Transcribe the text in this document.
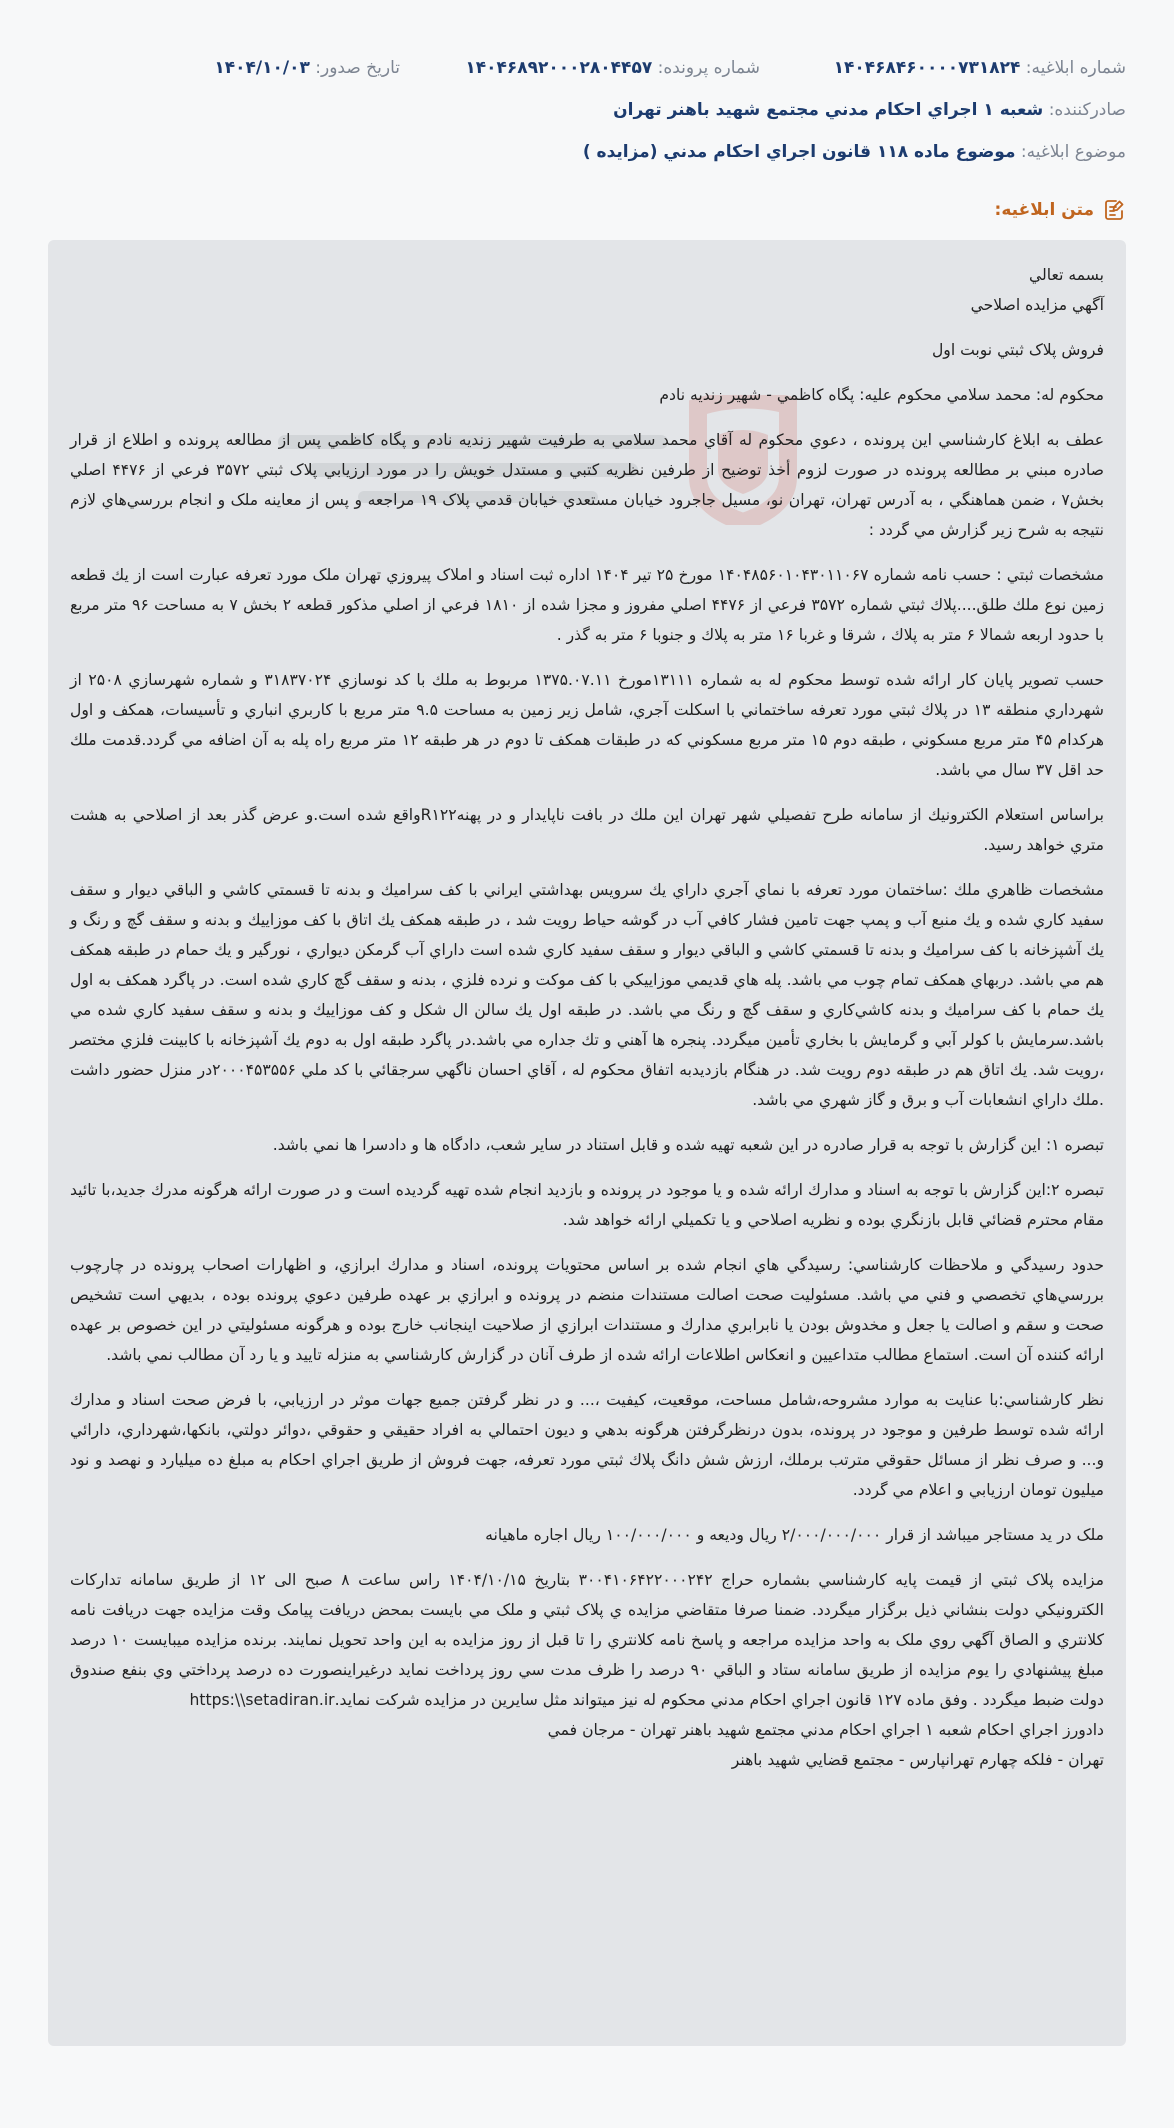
شماره ابلاغيه: ۱۴۰۴۶۸۴۶۰۰۰۰۷۳۱۸۲۴
شماره پرونده: ۱۴۰۴۶۸۹۲۰۰۰۲۸۰۴۴۵۷
تاريخ صدور: ۱۴۰۴/۱۰/۰۳
صادرکننده: شعبه ۱ اجراي احكام مدني مجتمع شهيد باهنر تهران
موضوع ابلاغيه: موضوع ماده ۱۱۸ قانون اجراي احکام مدني (مزايده )
متن ابلاغيه:

بسمه تعالي

آگهي مزايده اصلاحي

فروش پلاک ثبتي نوبت اول

محکوم له: محمد سلامي محکوم عليه: پگاه کاظمي - شهير زنديه نادم

عطف به ابلاغ کارشناسي اين پرونده ، دعوي محکوم له آقاي محمد سلامي به طرفيت شهير زنديه نادم و پگاه کاظمي پس از مطالعه پرونده و اطلاع از قرار صادره مبني بر مطالعه پرونده در صورت لزوم أخذ توضيح از طرفين نظريه کتبي و مستدل خويش را در مورد ارزيابي پلاک ثبتي ۳۵۷۲ فرعي از ۴۴۷۶ اصلي بخش۷ ، ضمن هماهنگي ، به آدرس تهران، تهران نو، مسيل جاجرود خيابان مستعدي خيابان قدمي پلاک ۱۹ مراجعه و پس از معاينه ملک و انجام بررسي‌هاي لازم نتيجه به شرح زير گزارش مي گردد :

مشخصات ثبتي : حسب نامه شماره ۱۴۰۴۸۵۶۰۱۰۴۳۰۱۱۰۶۷ مورخ ۲۵ تير ۱۴۰۴ اداره ثبت اسناد و املاک پيروزي تهران ملک مورد تعرفه عبارت است از يك قطعه زمين نوع ملك طلق....پلاك ثبتي شماره ۳۵۷۲ فرعي از ۴۴۷۶ اصلي مفروز و مجزا شده از ۱۸۱۰ فرعي از اصلي مذكور قطعه ۲ بخش ۷ به مساحت ۹۶ متر مربع با حدود اربعه شمالا ۶ متر به پلاك ، شرقا و غربا ۱۶ متر به پلاك و جنوبا ۶ متر به گذر .

حسب تصوير پايان كار ارائه شده توسط محكوم له به شماره ۱۳۱۱۱مورخ ۱۳۷۵.۰۷.۱۱ مربوط به ملك با كد نوسازي ۳۱۸۳۷۰۲۴ و شماره شهرسازي ۲۵۰۸ از شهرداري منطقه ۱۳ در پلاك ثبتي مورد تعرفه ساختماني با اسكلت آجري، شامل زير زمين به مساحت ۹.۵ متر مربع با كاربري انباري و تأسيسات، همكف و اول هركدام ۴۵ متر مربع مسكوني ، طبقه دوم ۱۵ متر مربع مسكوني كه در طبقات همكف تا دوم در هر طبقه ۱۲ متر مربع راه پله به آن اضافه مي گردد.قدمت ملك حد اقل ۳۷ سال مي باشد.

براساس استعلام الكترونيك از سامانه طرح تفصيلي شهر تهران اين ملك در بافت ناپايدار و در پهنهR۱۲۲واقع شده است.و عرض گذر بعد از اصلاحي به هشت متري خواهد رسيد.

مشخصات ظاهري ملك :ساختمان مورد تعرفه با نماي آجري داراي يك سرويس بهداشتي ايراني با كف سراميك و بدنه تا قسمتي كاشي و الباقي ديوار و سقف سفيد كاري شده و يك منبع آب و پمپ جهت تامين فشار كافي آب در گوشه حياط رويت شد ، در طبقه همكف يك اتاق با كف موزاييك و بدنه و سقف گچ و رنگ و يك آشپزخانه با كف سراميك و بدنه تا قسمتي كاشي و الباقي ديوار و سقف سفيد كاري شده است داراي آب گرمكن ديواري ، نورگير و يك حمام در طبقه همكف هم مي باشد. دربهاي همكف تمام چوب مي باشد. پله هاي قديمي موزاييكي با كف موكت و نرده فلزي ، بدنه و سقف گچ كاري شده است. در پاگرد همكف به اول يك حمام با كف سراميك و بدنه كاشي‌كاري و سقف گچ و رنگ مي باشد. در طبقه اول يك سالن ال شكل و كف موزاييك و بدنه و سقف سفيد كاري شده مي باشد.سرمايش با كولر آبي و گرمايش با بخاري تأمين ميگردد. پنجره ها آهني و تك جداره مي باشد.در پاگرد طبقه اول به دوم يك آشپزخانه با كابينت فلزي مختصر ،رويت شد. يك اتاق هم در طبقه دوم رويت شد. در هنگام بازديدبه اتفاق محكوم له ، آقاي احسان ناگهي سرجقائي با كد ملي ۲۰۰۰۴۵۳۵۵۶در منزل حضور داشت .ملك داراي انشعابات آب و برق و گاز شهري مي باشد.

تبصره ۱: اين گزارش با توجه به قرار صادره در اين شعبه تهيه شده و قابل استناد در ساير شعب، دادگاه ها و دادسرا ها نمي باشد.

تبصره ۲:اين گزارش با توجه به اسناد و مدارك ارائه شده و يا موجود در پرونده و بازديد انجام شده تهيه گرديده است و در صورت ارائه هرگونه مدرك جديد،با تائيد مقام محترم قضائي قابل بازنگري بوده و نظريه اصلاحي و يا تكميلي ارائه خواهد شد.

حدود رسيدگي و ملاحظات كارشناسي: رسيدگي هاي انجام شده بر اساس محتويات پرونده، اسناد و مدارك ابرازي، و اظهارات اصحاب پرونده در چارچوب بررسي‌هاي تخصصي و فني مي باشد. مسئوليت صحت اصالت مستندات منضم در پرونده و ابرازي بر عهده طرفين دعوي پرونده بوده ، بديهي است تشخيص صحت و سقم و اصالت يا جعل و مخدوش بودن يا نابرابري مدارك و مستندات ابرازي از صلاحيت اينجانب خارج بوده و هرگونه مسئوليتي در اين خصوص بر عهده ارائه كننده آن است. استماع مطالب متداعيين و انعكاس اطلاعات ارائه شده از طرف آنان در گزارش كارشناسي به منزله تاييد و يا رد آن مطالب نمي باشد.

نظر كارشناسي:با عنايت به موارد مشروحه،شامل مساحت، موقعيت، كيفيت ،... و در نظر گرفتن جميع جهات موثر در ارزيابي، با فرض صحت اسناد و مدارك ارائه شده توسط طرفين و موجود در پرونده، بدون درنظرگرفتن هرگونه بدهي و ديون احتمالي به افراد حقيقي و حقوقي ،دوائر دولتي، بانكها،شهرداري، دارائي و... و صرف نظر از مسائل حقوقي مترتب برملك، ارزش شش دانگ پلاك ثبتي مورد تعرفه، جهت فروش از طريق اجراي احكام به مبلغ ده ميليارد و نهصد و نود ميليون تومان ارزيابي و اعلام مي گردد.

ملک در يد مستاجر ميباشد از قرار ۲/۰۰۰/۰۰۰/۰۰۰ ريال وديعه و ۱۰۰/۰۰۰/۰۰۰ ريال اجاره ماهيانه

مزايده پلاک ثبتي از قيمت پايه کارشناسي بشماره حراج ۳۰۰۴۱۰۶۴۲۲۰۰۰۲۴۲ بتاريخ ۱۴۰۴/۱۰/۱۵ راس ساعت ۸ صبح الی ۱۲ از طريق سامانه تدارکات الکترونيکي دولت بنشاني ذيل برگزار ميگردد. ضمنا صرفا متقاضي مزايده ي پلاک ثبتي و ملک مي بايست بمحض دريافت پيامک وقت مزايده جهت دريافت نامه کلانتري و الصاق آگهي روي ملک به واحد مزايده مراجعه و پاسخ نامه کلانتري را تا قبل از روز مزايده به اين واحد تحويل نمايند. برنده مزايده ميبايست ۱۰ درصد مبلغ پيشنهادي را يوم مزايده از طريق سامانه ستاد و الباقي ۹۰ درصد را ظرف مدت سي روز پرداخت نمايد درغيراينصورت ده درصد پرداختي وي بنفع صندوق دولت ضبط ميگردد . وفق ماده ۱۲۷ قانون اجراي احکام مدني محکوم له نيز ميتواند مثل سايرين در مزايده شرکت نمايد.https:\\setadiran.ir

دادورز اجراي احکام شعبه ۱ اجراي احكام مدني مجتمع شهيد باهنر تهران - مرجان فمي

تهران - فلکه چهارم تهرانپارس - مجتمع قضايي شهيد باهنر
